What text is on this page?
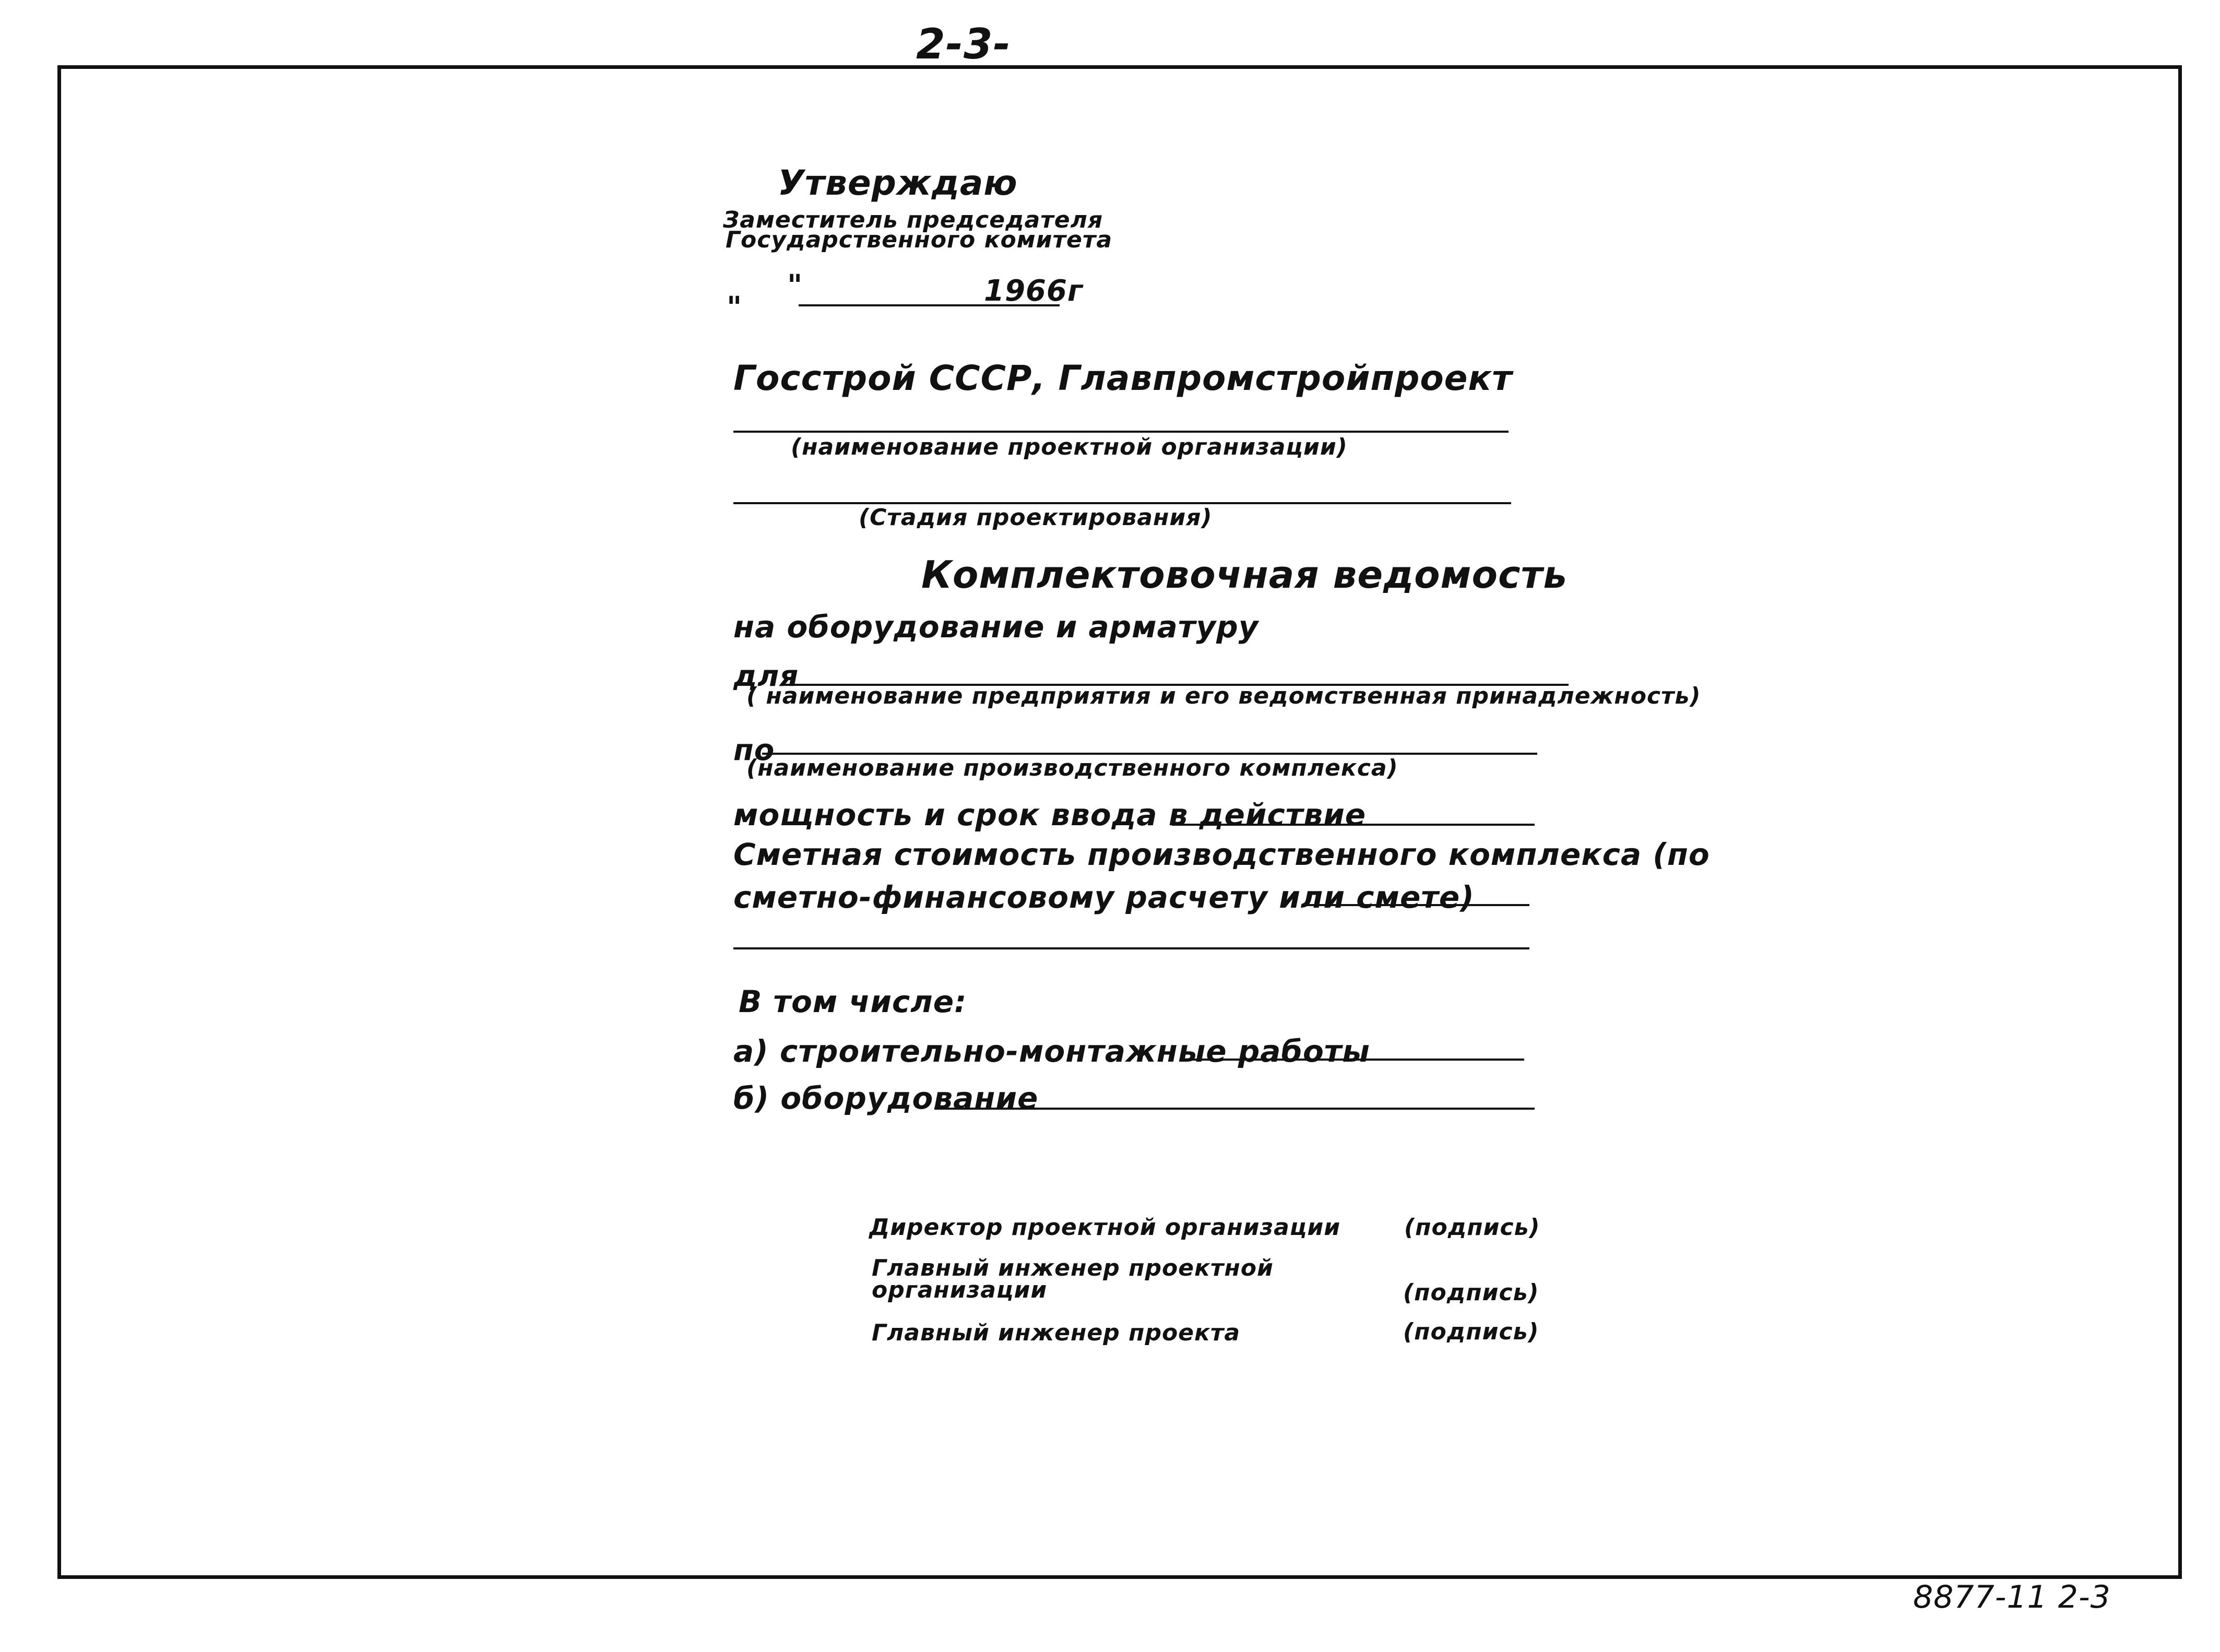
2-3-
Утверждаю
Заместитель председателя
Государственного комитета
"
"	1966г
Госстрой СССР, Главпромстройпроект
(наименование проектной организации)
(Стадия проектирования)
Комплектовочная ведомость
на оборудование и арматуру
для
( наименование предприятия и его ведомственная принадлежность)
по
(наименование производственного комплекса)
мощность и срок ввода в действие
Сметная стоимость производственного комплекса (по
сметно-финансовому расчету или смете)
В том числе:
а) строительно-монтажные работы
б) оборудование
Директор проектной организации	(подпись)
Главный инженер проектной
организации	(подпись)
Главный инженер проекта	(подпись)
8877-11 2-3
